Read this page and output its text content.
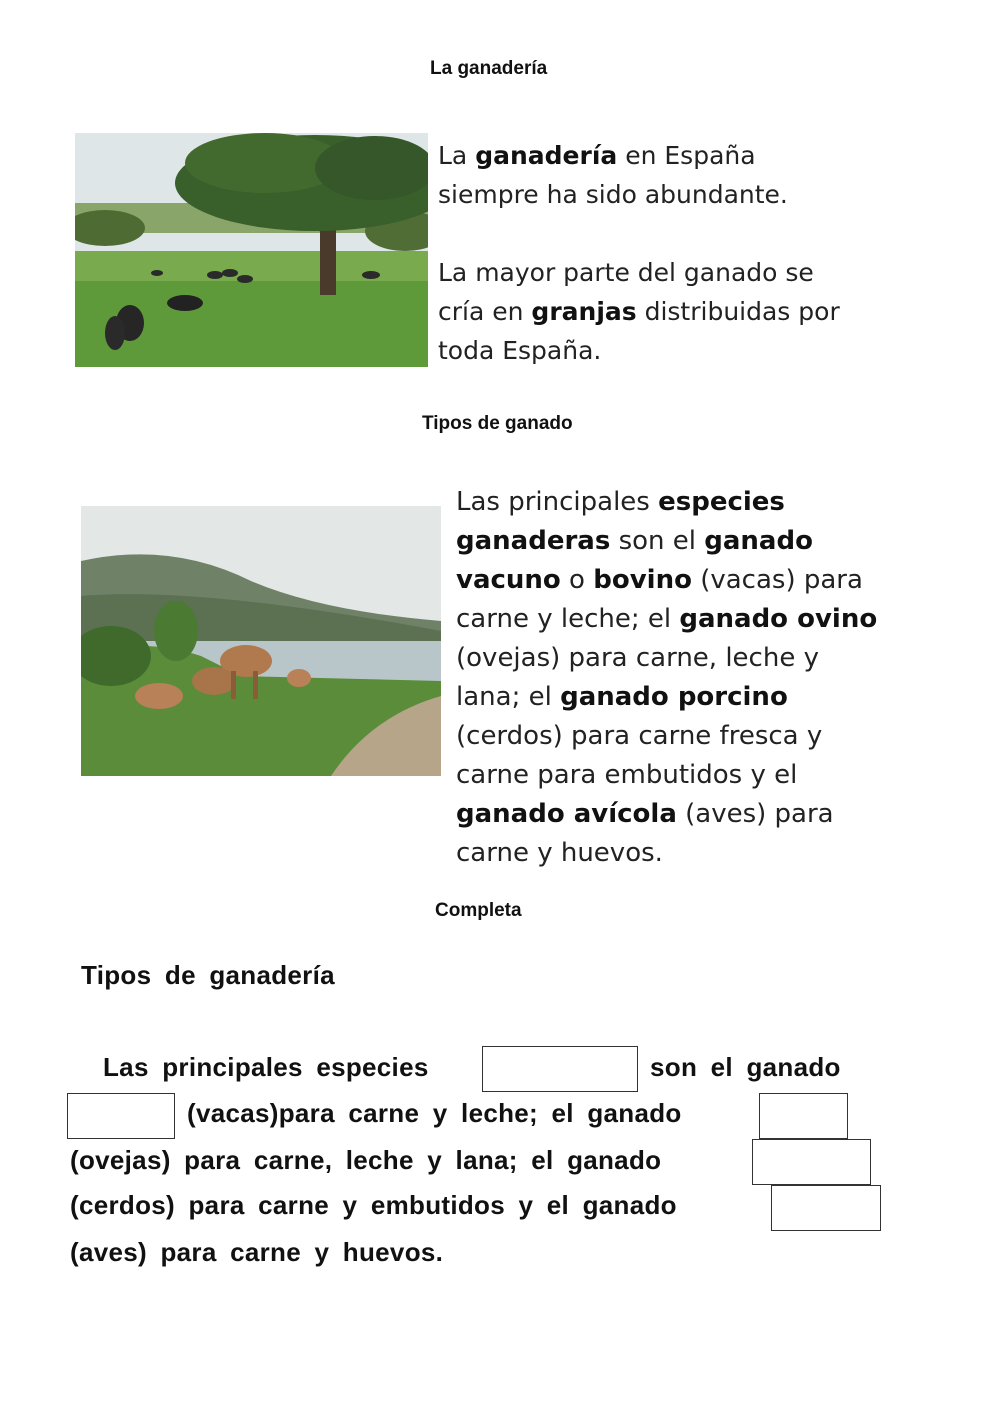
La ganadería
La ganadería en España
siempre ha sido abundante.
La mayor parte del ganado se
cría en granjas distribuidas por
toda España.
Tipos de ganado
Las principales especies
ganaderas son el ganado
vacuno o bovino (vacas) para
carne y leche; el ganado ovino
(ovejas) para carne, leche y
lana; el ganado porcino
(cerdos) para carne fresca y
carne para embutidos y el
ganado avícola (aves) para
carne y huevos.
Completa
Tipos de ganadería
Las principales especies	son el ganado
(vacas)para carne y leche; el ganado
(ovejas) para carne, leche y lana; el ganado
(cerdos) para carne y embutidos y el ganado
(aves) para carne y huevos.
